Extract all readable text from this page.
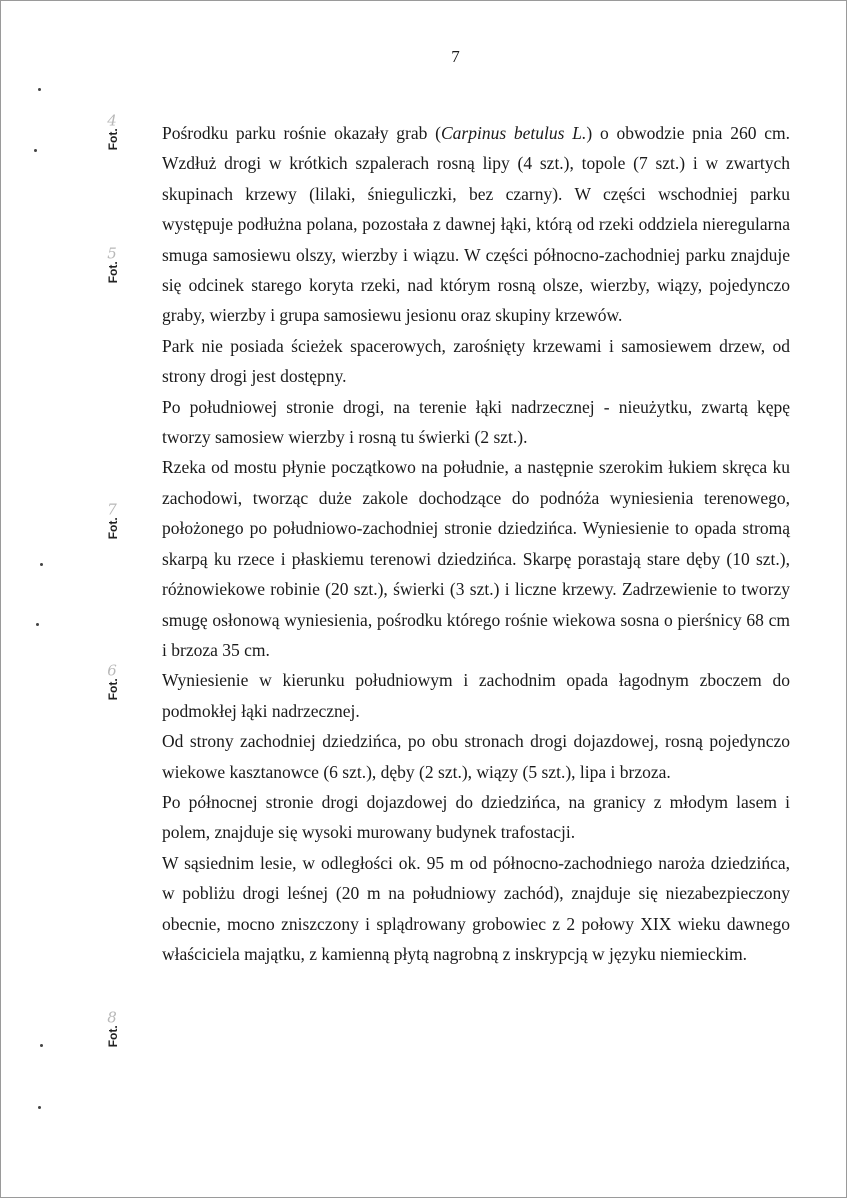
7
Fot.
4
Fot.
5
Fot.
7
Fot.
6
Fot.
8

Pośrodku parku rośnie okazały grab (Carpinus betulus L.) o obwodzie pnia 260 cm. Wzdłuż drogi w krótkich szpalerach rosną lipy (4 szt.), topole (7 szt.) i w zwartych skupinach krzewy (lilaki, śnieguliczki, bez czarny). W części wschodniej parku występuje podłużna polana, pozostała z dawnej łąki, którą od rzeki oddziela nieregularna smuga samosiewu olszy, wierzby i wiązu. W części północno-zachodniej parku znajduje się odcinek starego koryta rzeki, nad którym rosną olsze, wierzby, wiązy, pojedynczo graby, wierzby i grupa samosiewu jesionu oraz skupiny krzewów.

Park nie posiada ścieżek spacerowych, zarośnięty krzewami i samosiewem drzew, od strony drogi jest dostępny.

Po południowej stronie drogi, na terenie łąki nadrzecznej - nieużytku, zwartą kępę tworzy samosiew wierzby i rosną tu świerki (2 szt.).

Rzeka od mostu płynie początkowo na południe, a następnie szerokim łukiem skręca ku zachodowi, tworząc duże zakole dochodzące do podnóża wyniesienia terenowego, położonego po południowo-zachodniej stronie dziedzińca. Wyniesienie to opada stromą skarpą ku rzece i płaskiemu terenowi dziedzińca. Skarpę porastają stare dęby (10 szt.), różnowiekowe robinie (20 szt.), świerki (3 szt.) i liczne krzewy. Zadrzewienie to tworzy smugę osłonową wyniesienia, pośrodku którego rośnie wiekowa sosna o pierśnicy 68 cm i brzoza 35 cm.

Wyniesienie w kierunku południowym i zachodnim opada łagodnym zboczem do podmokłej łąki nadrzecznej.

Od strony zachodniej dziedzińca, po obu stronach drogi dojazdowej, rosną pojedynczo wiekowe kasztanowce (6 szt.), dęby (2 szt.), wiązy (5 szt.), lipa i brzoza.

Po północnej stronie drogi dojazdowej do dziedzińca, na granicy z młodym lasem i polem, znajduje się wysoki murowany budynek trafostacji.

W sąsiednim lesie, w odległości ok. 95 m od północno-zachodniego naroża dziedzińca, w pobliżu drogi leśnej (20 m na południowy zachód), znajduje się niezabezpieczony obecnie, mocno zniszczony i splądrowany grobowiec z 2 połowy XIX wieku dawnego właściciela majątku, z kamienną płytą nagrobną z inskrypcją w języku niemieckim.
